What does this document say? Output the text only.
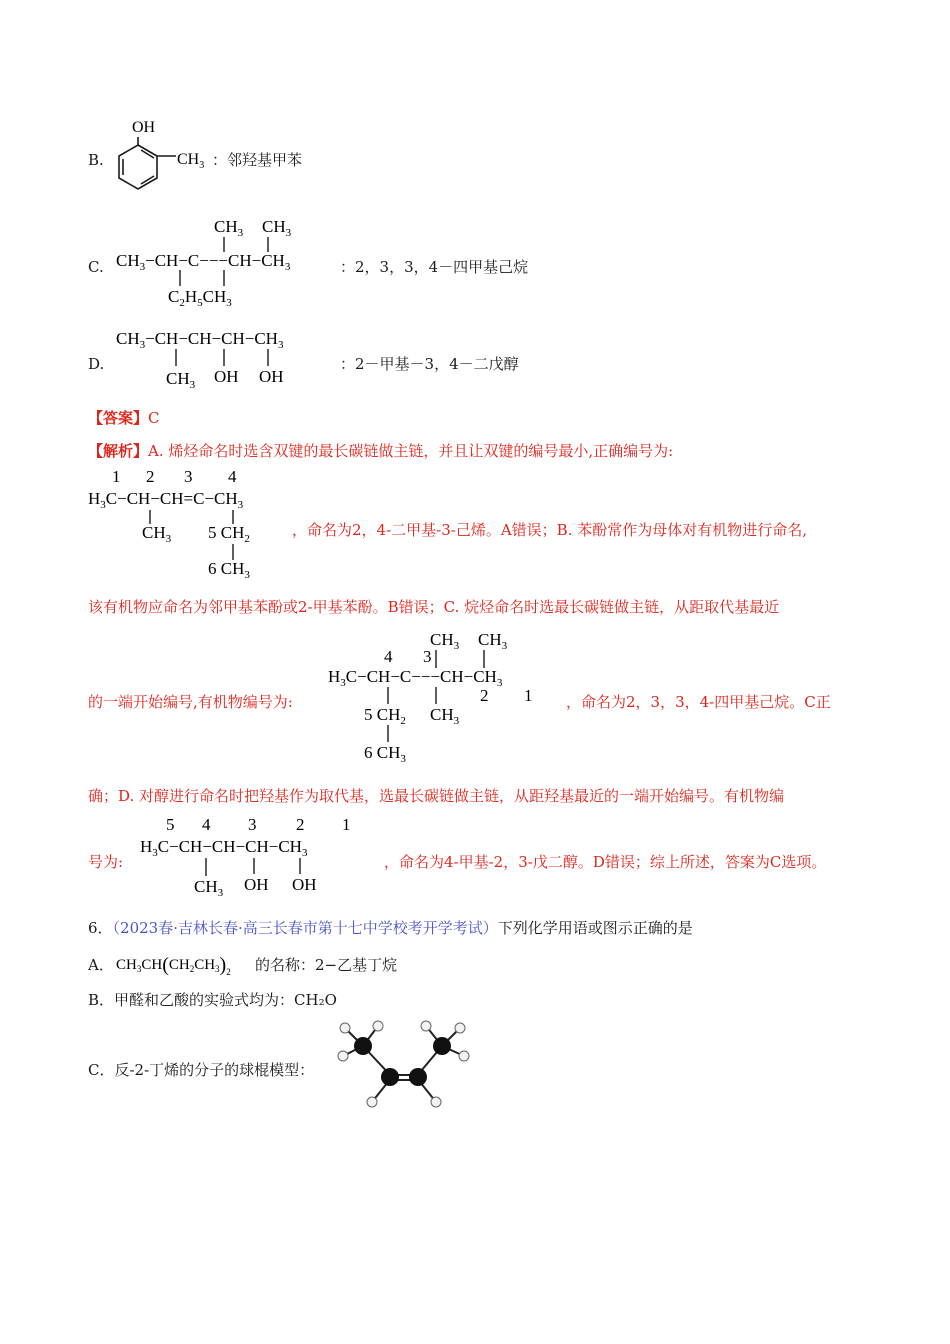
B.
OH
$CH_3$ ：邻羟基甲苯
C. $CH_3-CH-C---CH-CH_3$
$CH_3$ $CH_3$
$C_2H_5CH_3$
：2，3，3，4－四甲基己烷
D.
$CH_3-CH-CH-CH-CH_3$
$CH_3$ OH OH
：2－甲基－3，4－二戊醇
【答案】C
【解析】A. 烯烃命名时选含双键的最长碳链做主链，并且让双键的编号最小,正确编号为:
1 2 3 4
$H_3C-CH-CH=C-CH_3$
$CH_3$ 5 $CH_2$
6 $CH_3$
，命名为2，4-二甲基-3-己烯。A错误；B. 苯酚常作为母体对有机物进行命名,
该有机物应命名为邻甲基苯酚或2-甲基苯酚。B错误；C. 烷烃命名时选最长碳链做主链，从距取代基最近
的一端开始编号,有机物编号为:
$CH_3$ $CH_3$
4 3
$H_3C-CH-C---CH-CH_3$
2 1
5 $CH_2$ $CH_3$
6 $CH_3$
，命名为2，3，3，4-四甲基己烷。C正
确；D. 对醇进行命名时把羟基作为取代基，选最长碳链做主链，从距羟基最近的一端开始编号。有机物编
号为:
5 4 3 2 1
$H_3C-CH-CH-CH-CH_3$
$CH_3$ OH OH
，命名为4-甲基-2，3-戊二醇。D错误；综上所述，答案为C选项。
6．（2023春·吉林长春·高三长春市第十七中学校考开学考试）下列化学用语或图示正确的是
A． $CH_3CH(CH_2CH_3)_2$ 的名称：2−乙基丁烷
B．甲醛和乙酸的实验式均为：CH₂O
C．反-2-丁烯的分子的球棍模型：
